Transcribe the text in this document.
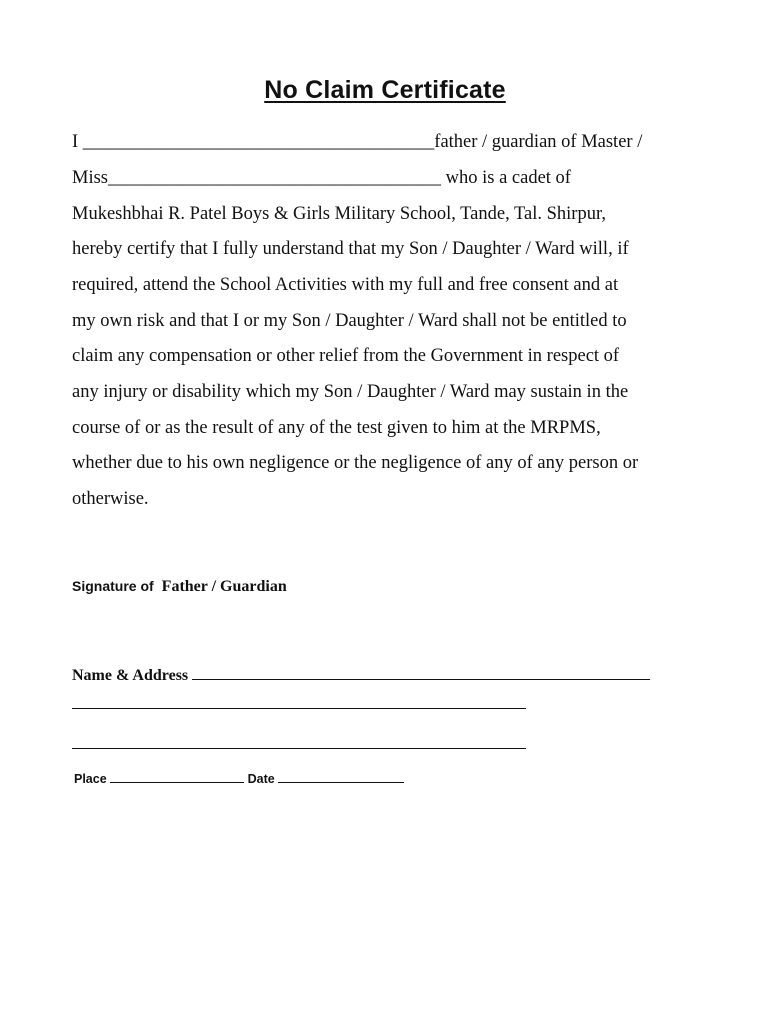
No Claim Certificate
I ______________________________________father / guardian of Master /
Miss____________________________________ who is a cadet of
Mukeshbhai R. Patel Boys & Girls Military School, Tande, Tal. Shirpur,
hereby certify that I fully understand that my Son / Daughter / Ward will, if
required, attend the School Activities with my full and free consent and at
my own risk and that I or my Son / Daughter / Ward shall not be entitled to
claim any compensation or other relief from the Government in respect of
any injury or disability which my Son / Daughter / Ward may sustain in the
course of or as the result of any of the test given to him at the MRPMS,
whether due to his own negligence or the negligence of any of any person or
otherwise.
Signature of Father / Guardian
Name & Address
Place	Date
